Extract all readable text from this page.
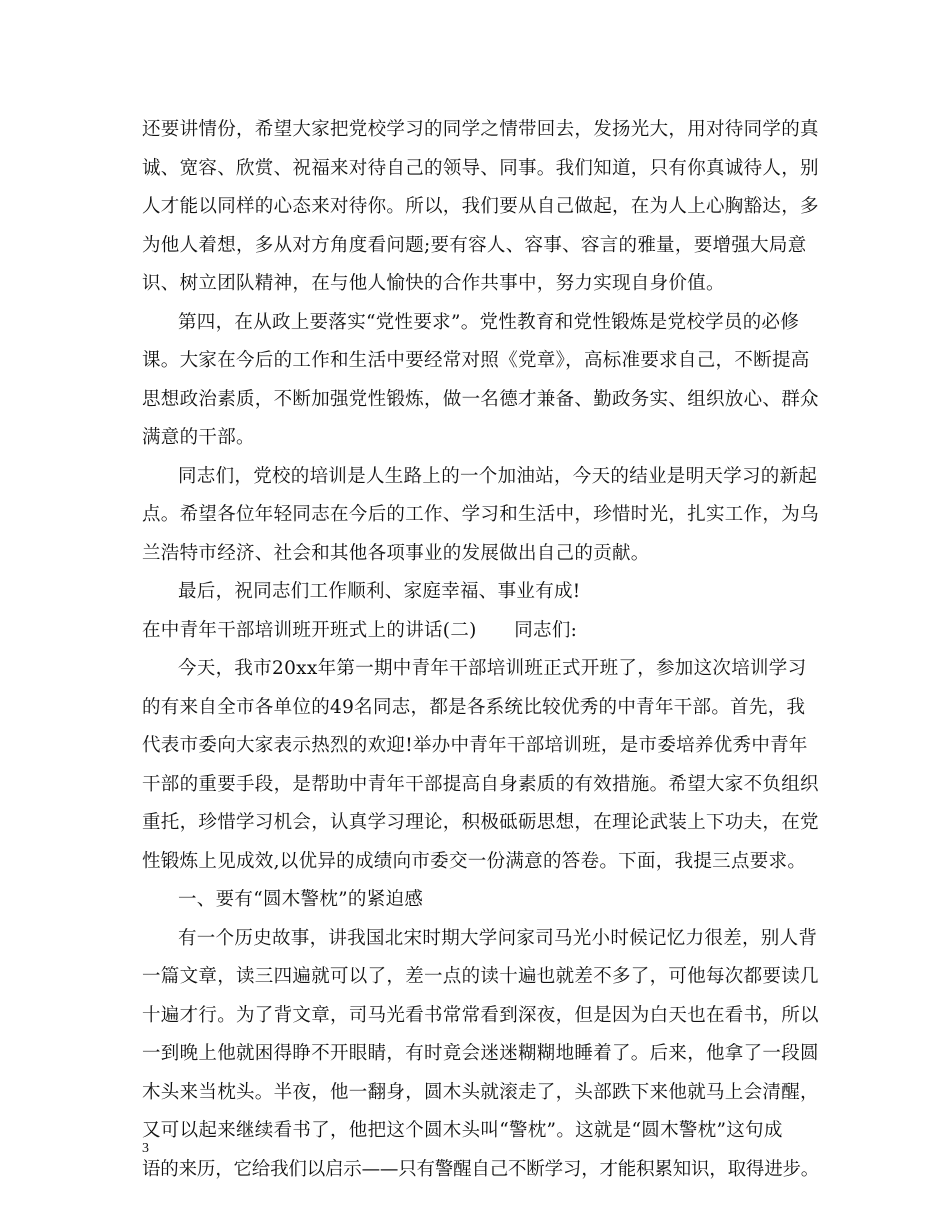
还要讲情份，希望大家把党校学习的同学之情带回去，发扬光大，用对待同学的真
诚、宽容、欣赏、祝福来对待自己的领导、同事。我们知道，只有你真诚待人，别
人才能以同样的心态来对待你。所以，我们要从自己做起，在为人上心胸豁达，多
为他人着想，多从对方角度看问题;要有容人、容事、容言的雅量，要增强大局意
识、树立团队精神，在与他人愉快的合作共事中，努力实现自身价值。
第四，在从政上要落实“党性要求”。党性教育和党性锻炼是党校学员的必修
课。大家在今后的工作和生活中要经常对照《党章》，高标准要求自己，不断提高
思想政治素质，不断加强党性锻炼，做一名德才兼备、勤政务实、组织放心、群众
满意的干部。
同志们，党校的培训是人生路上的一个加油站，今天的结业是明天学习的新起
点。希望各位年轻同志在今后的工作、学习和生活中，珍惜时光，扎实工作，为乌
兰浩特市经济、社会和其他各项事业的发展做出自己的贡献。
最后，祝同志们工作顺利、家庭幸福、事业有成!
在中青年干部培训班开班式上的讲话(二)　　同志们:
今天，我市20xx年第一期中青年干部培训班正式开班了，参加这次培训学习
的有来自全市各单位的49名同志，都是各系统比较优秀的中青年干部。首先，我
代表市委向大家表示热烈的欢迎!举办中青年干部培训班，是市委培养优秀中青年
干部的重要手段，是帮助中青年干部提高自身素质的有效措施。希望大家不负组织
重托，珍惜学习机会，认真学习理论，积极砥砺思想，在理论武装上下功夫，在党
性锻炼上见成效,以优异的成绩向市委交一份满意的答卷。下面，我提三点要求。
一、要有“圆木警枕”的紧迫感
有一个历史故事，讲我国北宋时期大学问家司马光小时候记忆力很差，别人背
一篇文章，读三四遍就可以了，差一点的读十遍也就差不多了，可他每次都要读几
十遍才行。为了背文章，司马光看书常常看到深夜，但是因为白天也在看书，所以
一到晚上他就困得睁不开眼睛，有时竟会迷迷糊糊地睡着了。后来，他拿了一段圆
木头来当枕头。半夜，他一翻身，圆木头就滚走了，头部跌下来他就马上会清醒，
又可以起来继续看书了，他把这个圆木头叫“警枕”。这就是“圆木警枕”这句成
语的来历，它给我们以启示——只有警醒自己不断学习，才能积累知识，取得进步。
3
